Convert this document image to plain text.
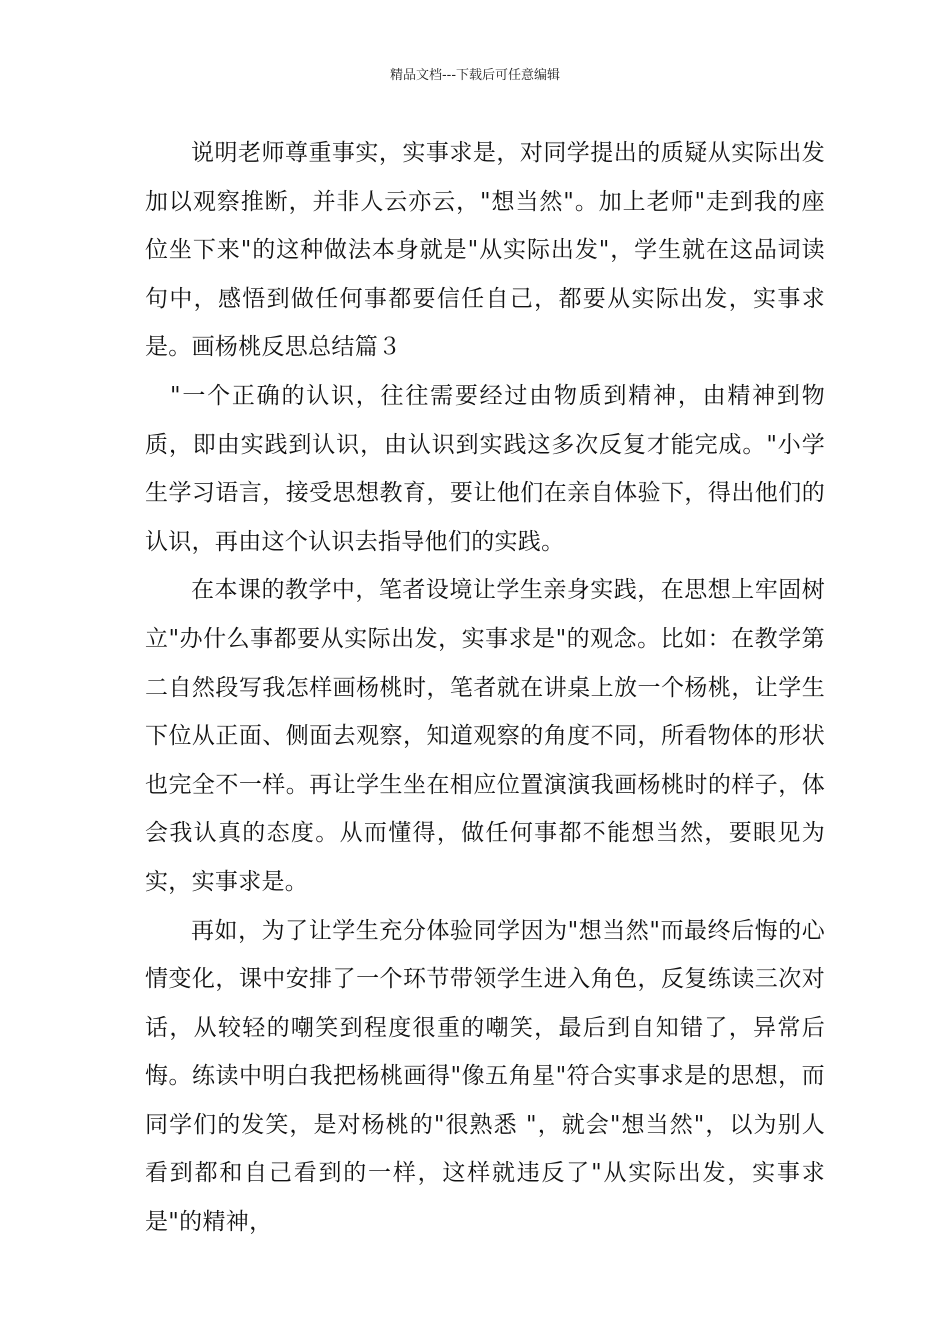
精品文档---下载后可任意编辑

说明老师尊重事实，实事求是，对同学提出的质疑从实际出发加以观察推断，并非人云亦云，"想当然"。加上老师"走到我的座位坐下来"的这种做法本身就是"从实际出发"，学生就在这品词读句中，感悟到做任何事都要信任自己，都要从实际出发，实事求是。画杨桃反思总结篇３

"一个正确的认识，往往需要经过由物质到精神，由精神到物质，即由实践到认识，由认识到实践这多次反复才能完成。"小学生学习语言，接受思想教育，要让他们在亲自体验下，得出他们的认识，再由这个认识去指导他们的实践。

在本课的教学中，笔者设境让学生亲身实践，在思想上牢固树立"办什么事都要从实际出发，实事求是"的观念。比如：在教学第二自然段写我怎样画杨桃时，笔者就在讲桌上放一个杨桃，让学生下位从正面、侧面去观察，知道观察的角度不同，所看物体的形状也完全不一样。再让学生坐在相应位置演演我画杨桃时的样子，体会我认真的态度。从而懂得，做任何事都不能想当然，要眼见为实，实事求是。

再如，为了让学生充分体验同学因为"想当然"而最终后悔的心情变化，课中安排了一个环节带领学生进入角色，反复练读三次对话，从较轻的嘲笑到程度很重的嘲笑，最后到自知错了，异常后悔。练读中明白我把杨桃画得"像五角星"符合实事求是的思想，而同学们的发笑，是对杨桃的"很熟悉 "，就会"想当然"，以为别人看到都和自己看到的一样，这样就违反了"从实际出发，实事求是"的精神，
